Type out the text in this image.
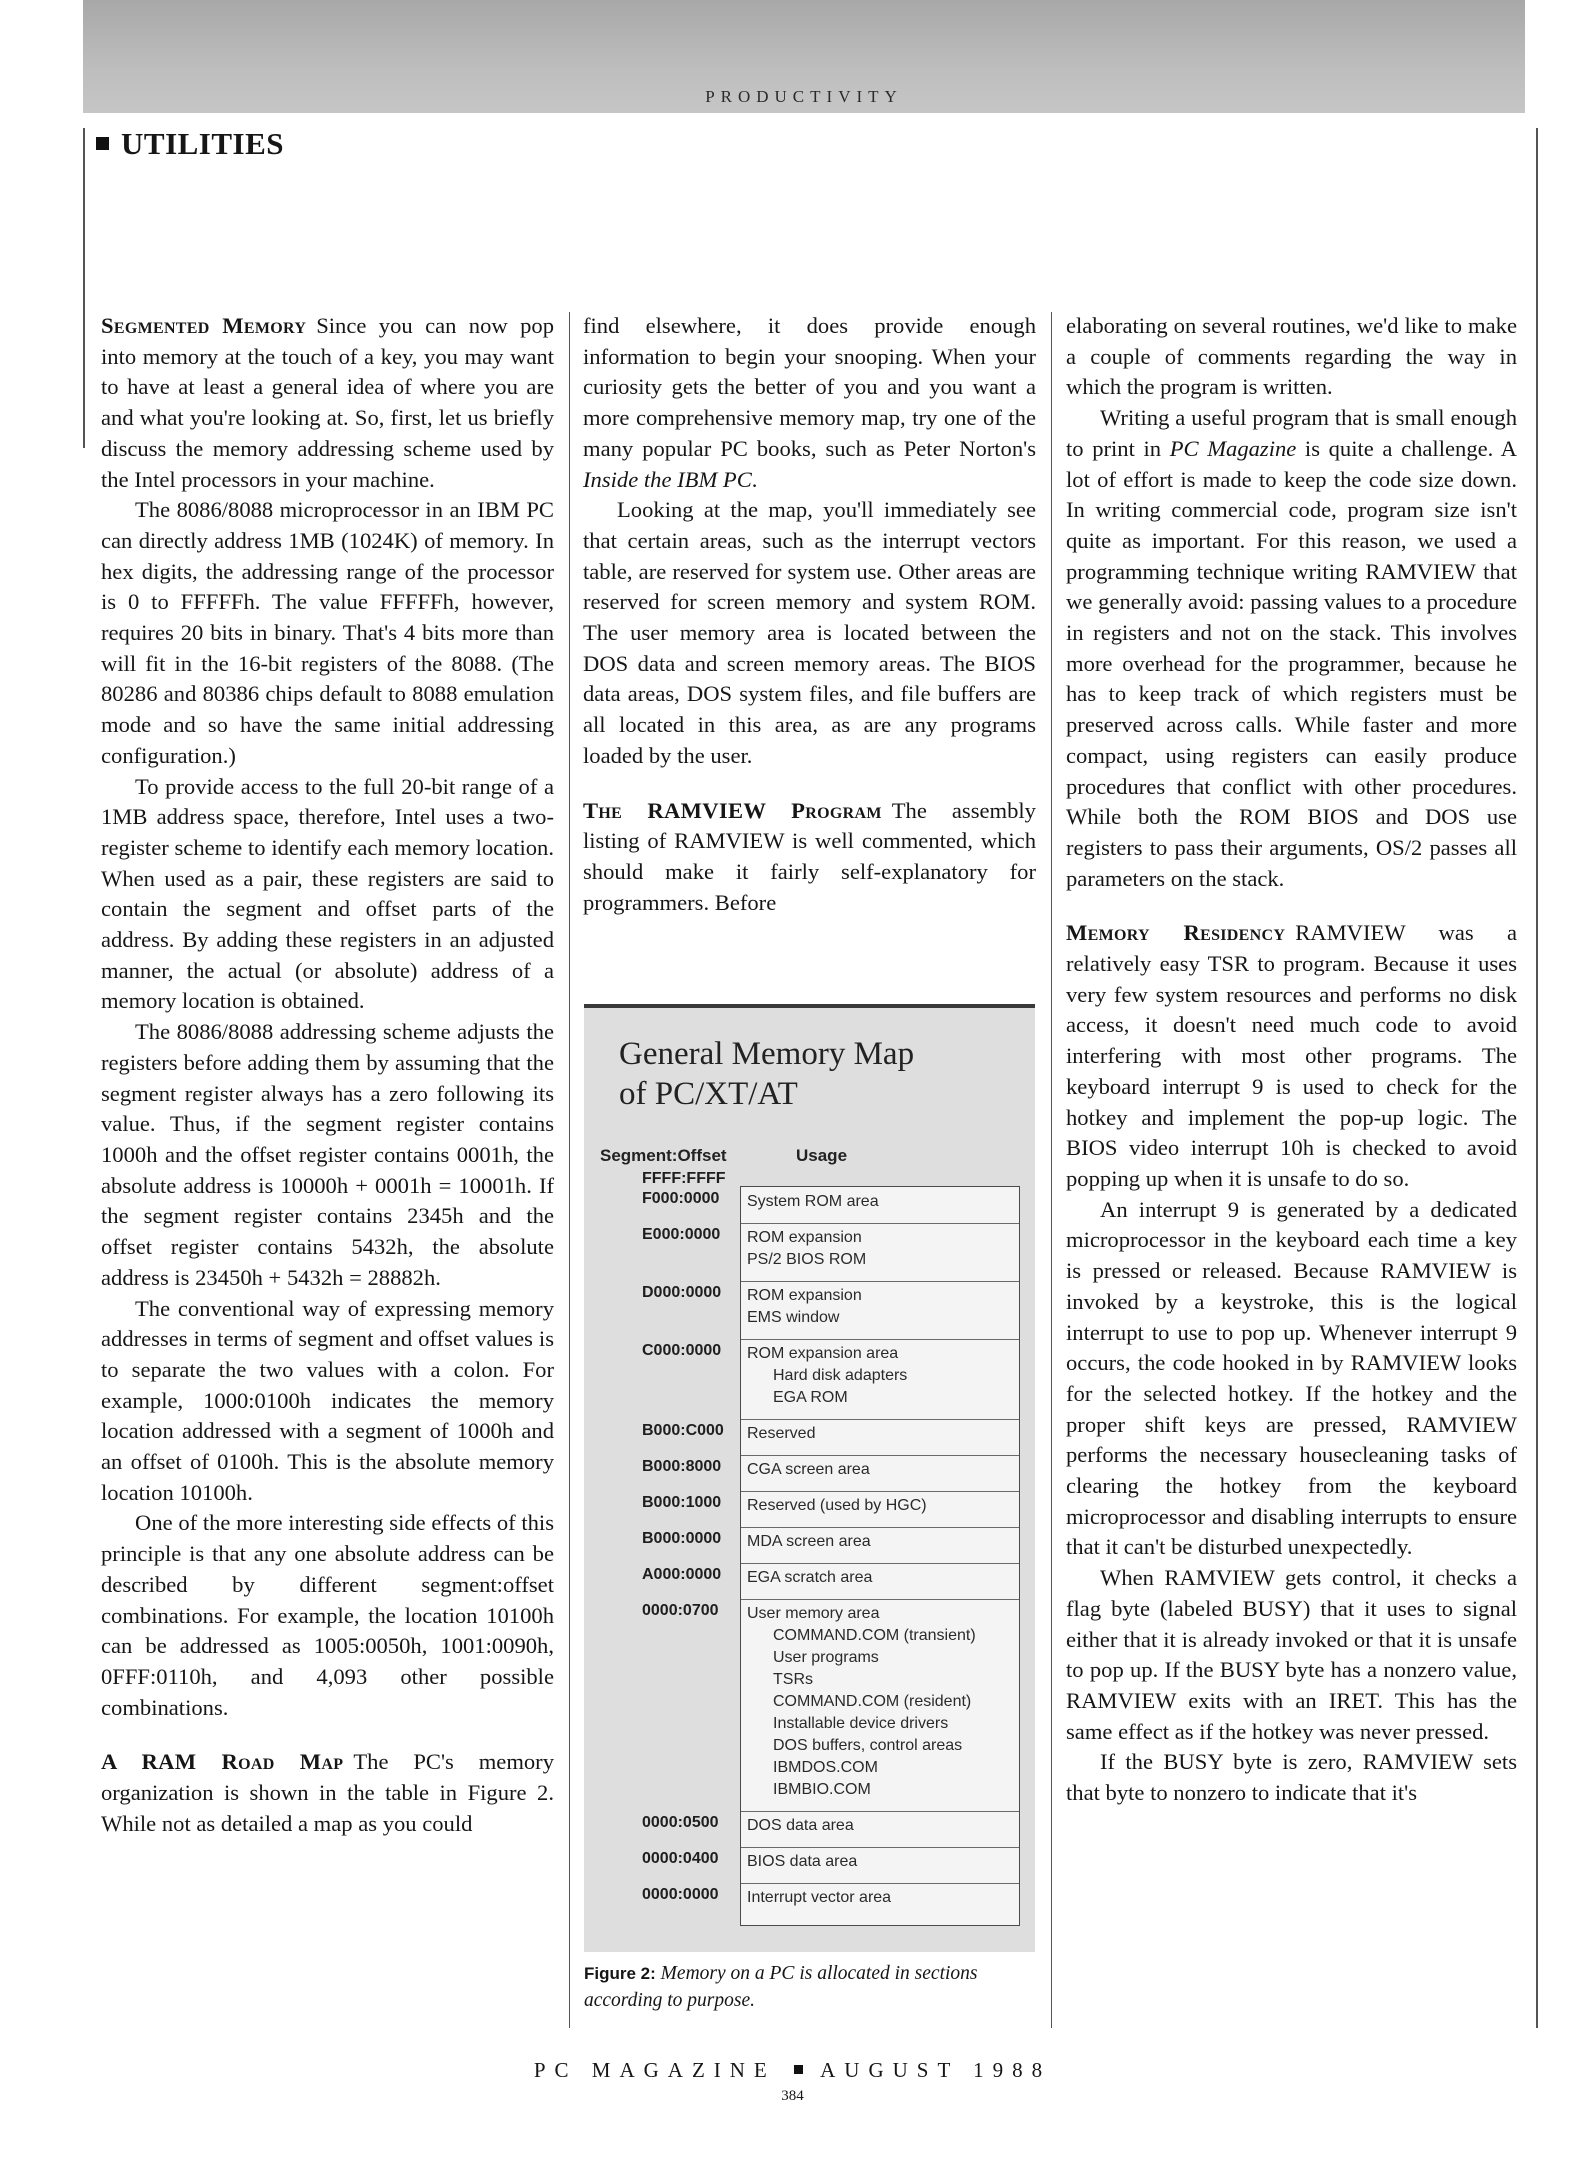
PRODUCTIVITY
UTILITIES

Segmented Memory Since you can now pop into memory at the touch of a key, you may want to have at least a general idea of where you are and what you're looking at. So, first, let us briefly discuss the memory addressing scheme used by the Intel processors in your machine.

The 8086/8088 microprocessor in an IBM PC can directly address 1MB (1024K) of memory. In hex digits, the addressing range of the processor is 0 to FFFFFh. The value FFFFFh, however, requires 20 bits in binary. That's 4 bits more than will fit in the 16-bit registers of the 8088. (The 80286 and 80386 chips default to 8088 emulation mode and so have the same initial addressing configuration.)

To provide access to the full 20-bit range of a 1MB address space, therefore, Intel uses a two-register scheme to identify each memory location. When used as a pair, these registers are said to contain the segment and offset parts of the address. By adding these registers in an adjusted manner, the actual (or absolute) address of a memory location is obtained.

The 8086/8088 addressing scheme adjusts the registers before adding them by assuming that the segment register always has a zero following its value. Thus, if the segment register contains 1000h and the offset register contains 0001h, the absolute address is 10000h + 0001h = 10001h. If the segment register contains 2345h and the offset register contains 5432h, the absolute address is 23450h + 5432h = 28882h.

The conventional way of expressing memory addresses in terms of segment and offset values is to separate the two values with a colon. For example, 1000:0100h indicates the memory location addressed with a segment of 1000h and an offset of 0100h. This is the absolute memory location 10100h.

One of the more interesting side effects of this principle is that any one absolute address can be described by different segment:offset combinations. For example, the location 10100h can be addressed as 1005:0050h, 1001:0090h, 0FFF:0110h, and 4,093 other possible combinations.

A RAM Road Map The PC's memory organization is shown in the table in Figure 2. While not as detailed a map as you could

find elsewhere, it does provide enough information to begin your snooping. When your curiosity gets the better of you and you want a more comprehensive memory map, try one of the many popular PC books, such as Peter Norton's Inside the IBM PC.

Looking at the map, you'll immediately see that certain areas, such as the interrupt vectors table, are reserved for system use. Other areas are reserved for screen memory and system ROM. The user memory area is located between the DOS data and screen memory areas. The BIOS data areas, DOS system files, and file buffers are all located in this area, as are any programs loaded by the user.

The RAMVIEW Program The assembly listing of RAMVIEW is well commented, which should make it fairly self-explanatory for programmers. Before

General Memory Map
of PC/XT/AT
Segment:Offset	Usage
FFFF:FFFF
System ROM area
ROM expansion
PS/2 BIOS ROM
ROM expansion
EMS window
ROM expansion area
Hard disk adapters
EGA ROM
Reserved
CGA screen area
Reserved (used by HGC)
MDA screen area
EGA scratch area
User memory area
COMMAND.COM (transient)
User programs
TSRs
COMMAND.COM (resident)
Installable device drivers
DOS buffers, control areas
IBMDOS.COM
IBMBIO.COM
DOS data area
BIOS data area
Interrupt vector area
F000:0000
E000:0000
D000:0000
C000:0000
B000:C000
B000:8000
B000:1000
B000:0000
A000:0000
0000:0700
0000:0500
0000:0400
0000:0000
Figure 2: Memory on a PC is allocated in sections according to purpose.

elaborating on several routines, we'd like to make a couple of comments regarding the way in which the program is written.

Writing a useful program that is small enough to print in PC Magazine is quite a challenge. A lot of effort is made to keep the code size down. In writing commercial code, program size isn't quite as important. For this reason, we used a programming technique writing RAMVIEW that we generally avoid: passing values to a procedure in registers and not on the stack. This involves more overhead for the programmer, because he has to keep track of which registers must be preserved across calls. While faster and more compact, using registers can easily produce procedures that conflict with other procedures. While both the ROM BIOS and DOS use registers to pass their arguments, OS/2 passes all parameters on the stack.

Memory Residency RAMVIEW was a relatively easy TSR to program. Because it uses very few system resources and performs no disk access, it doesn't need much code to avoid interfering with most other programs. The keyboard interrupt 9 is used to check for the hotkey and implement the pop-up logic. The BIOS video interrupt 10h is checked to avoid popping up when it is unsafe to do so.

An interrupt 9 is generated by a dedicated microprocessor in the keyboard each time a key is pressed or released. Because RAMVIEW is invoked by a keystroke, this is the logical interrupt to use to pop up. Whenever interrupt 9 occurs, the code hooked in by RAMVIEW looks for the selected hotkey. If the hotkey and the proper shift keys are pressed, RAMVIEW performs the necessary housecleaning tasks of clearing the hotkey from the keyboard microprocessor and disabling interrupts to ensure that it can't be disturbed unexpectedly.

When RAMVIEW gets control, it checks a flag byte (labeled BUSY) that it uses to signal either that it is already invoked or that it is unsafe to pop up. If the BUSY byte has a nonzero value, RAMVIEW exits with an IRET. This has the same effect as if the hotkey was never pressed.

If the BUSY byte is zero, RAMVIEW sets that byte to nonzero to indicate that it's

PC MAGAZINE AUGUST 1988
384
